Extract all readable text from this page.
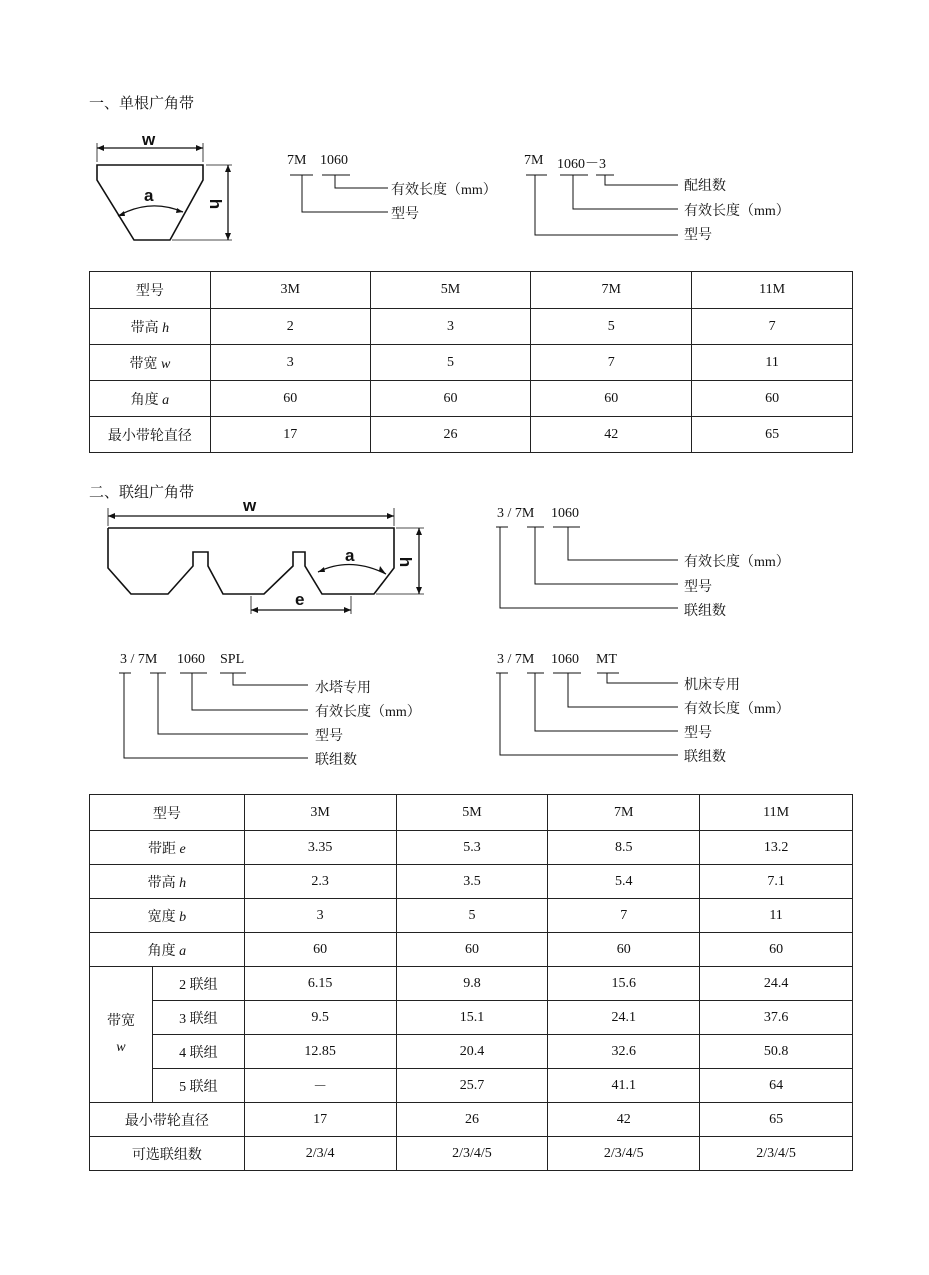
一、单根广角带
w
a	h
7M 1060
有效长度（mm）
型号
7M 1060－3
配组数
有效长度（mm）
型号
型号	3M	5M	7M	11M
带高 h	2	3	5	7
带宽 w	3	5	7	11
角度 a	60	60	60	60
最小带轮直径	17	26	42	65
二、联组广角带
w
a h
e
3 / 7M 1060
有效长度（mm）
型号
联组数
3 / 7M 1060 SPL
水塔专用
有效长度（mm）
型号
联组数
3 / 7M 1060 MT
机床专用
有效长度（mm）
型号
联组数
型号		3M	5M	7M	11M
带距 e		3.35	5.3	8.5	13.2
带高 h		2.3	3.5	5.4	7.1
宽度 b		3	5	7	11
角度 a		60	60	60	60
带宽
w	2 联组	6.15	9.8	15.6	24.4
	3 联组	9.5	15.1	24.1	37.6
	4 联组	12.85	20.4	32.6	50.8
	5 联组	－	25.7	41.1	64
最小带轮直径		17	26	42	65
可选联组数		2/3/4	2/3/4/5	2/3/4/5	2/3/4/5
